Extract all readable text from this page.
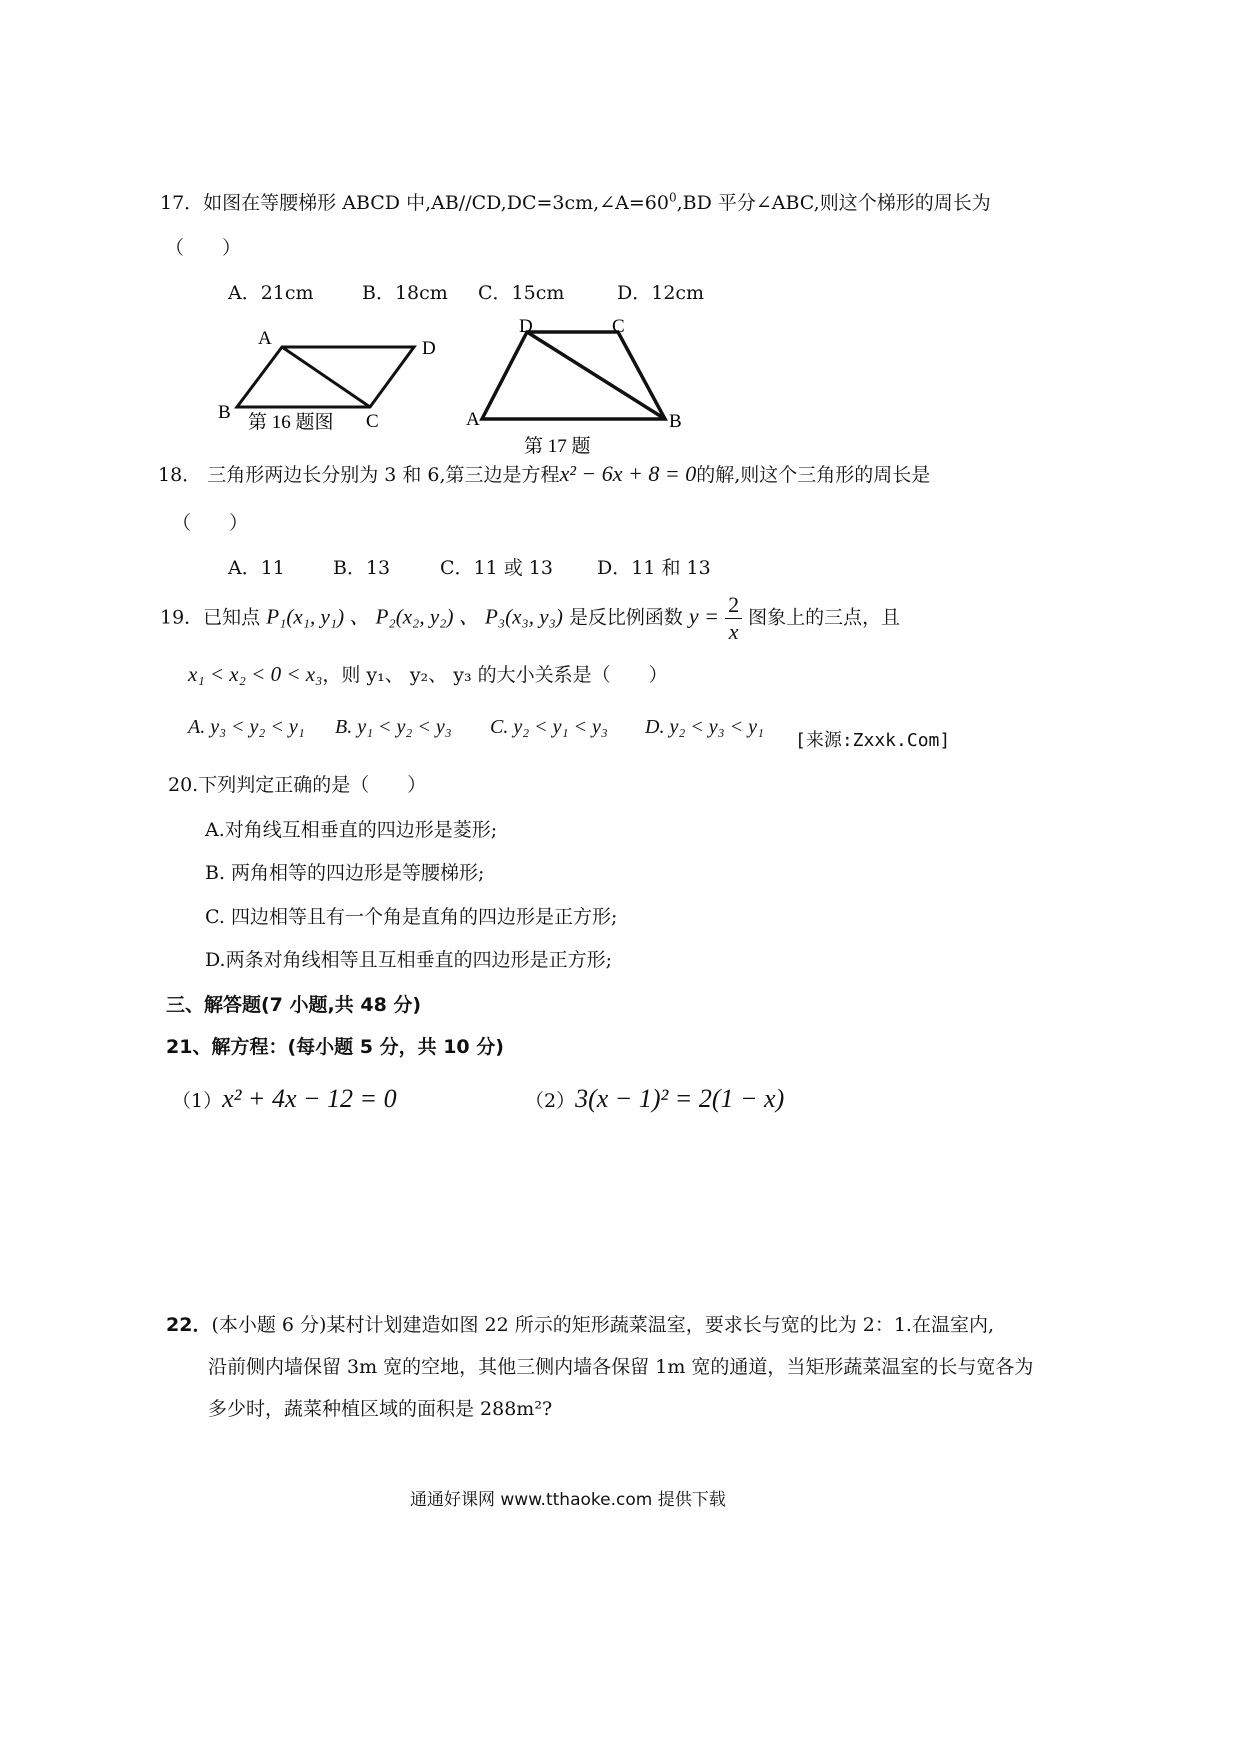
17．如图在等腰梯形 ABCD 中$,AB//CD,DC=3cm,\angle A=60^0,BD$ 平分∠ABC,则这个梯形的周长为
（　　）
A．21cm	B．18cm C．15cm	D．12cm
A	D
B	C
第 16 题图
D	C
A	B
第 17 题
18． 三角形两边长分别为 3 和 6,第三边是方程x² − 6x + 8 = 0的解,则这个三角形的周长是
（　　）
A．11	B．13	C．11 或 13 D．11 和 13
19．已知点 P₁(x₁, y₁) 、 P₂(x₂, y₂) 、 P₃(x₃, y₃) 是反比例函数 $y = \frac{2}{x}$ 图象上的三点，且
x₁ < x₂ < 0 < x₃，则 y₁、 y₂、 y₃ 的大小关系是（　　）
A. y₃ < y₂ < y₁ B. y₁ < y₂ < y₃ C. y₂ < y₁ < y₃ D. y₂ < y₃ < y₁
[来源:Zxxk.Com]
20.下列判定正确的是（　　）
A.对角线互相垂直的四边形是菱形;
B. 两角相等的四边形是等腰梯形;
C. 四边相等且有一个角是直角的四边形是正方形;
D.两条对角线相等且互相垂直的四边形是正方形;
三、解答题(7 小题,共 48 分)
21、解方程：(每小题 5 分，共 10 分)
（1）x² + 4x − 12 = 0	（2）3(x − 1)² = 2(1 − x)
22．(本小题 6 分)某村计划建造如图 22 所示的矩形蔬菜温室，要求长与宽的比为 2：1.在温室内,
沿前侧内墙保留 3m 宽的空地，其他三侧内墙各保留 1m 宽的通道，当矩形蔬菜温室的长与宽各为
多少时，蔬菜种植区域的面积是 288m²?
通通好课网 www.tthaoke.com 提供下载
